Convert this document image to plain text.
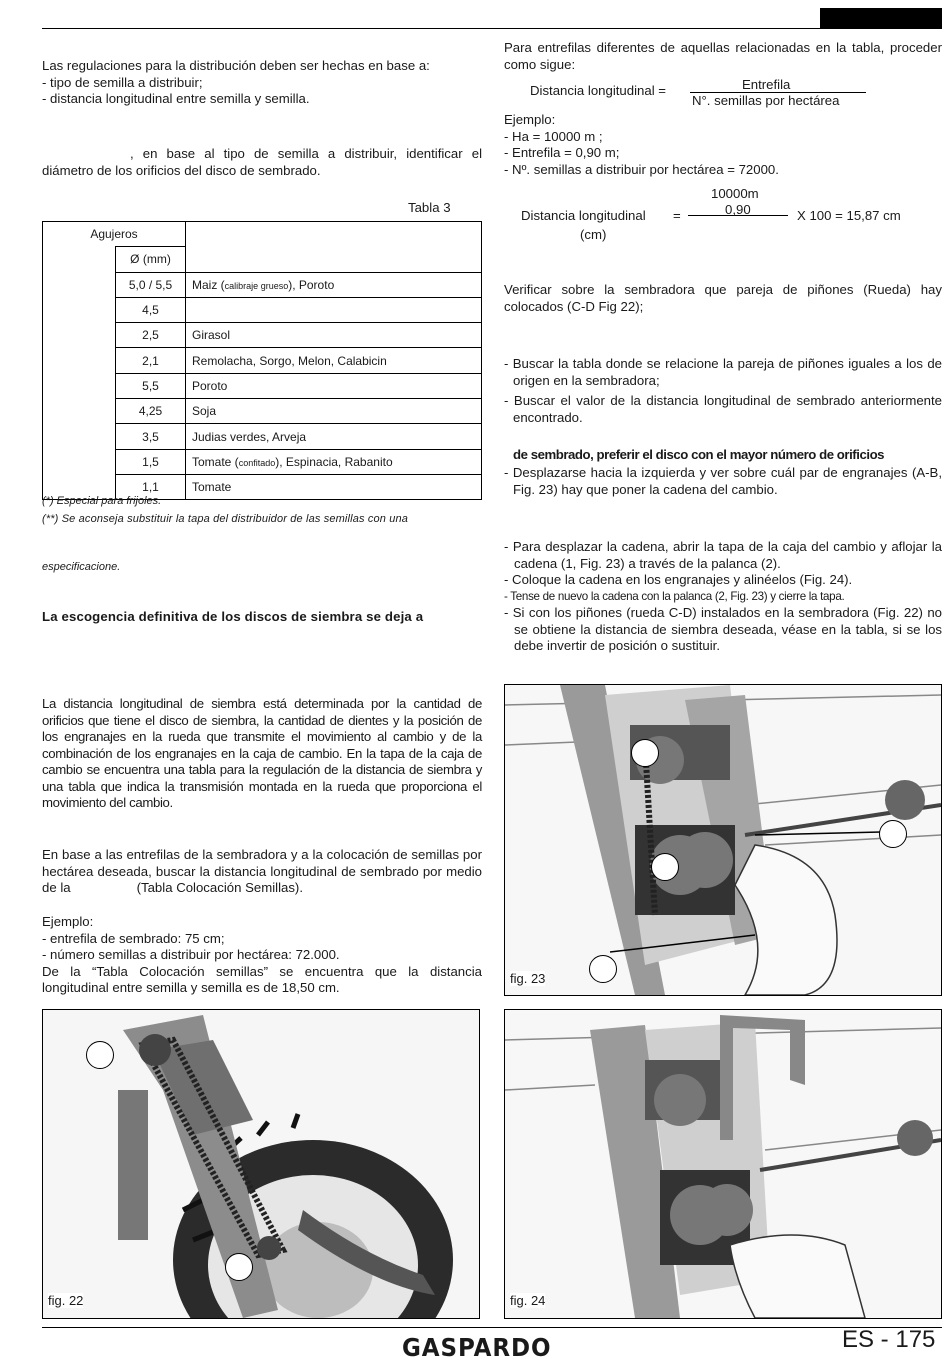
Las regulaciones para la distribución deben ser hechas en base a:

- tipo de semilla a distribuir;

- distancia longitudinal entre semilla y semilla.

, en base al tipo de semilla a distribuir, identificar el diámetro de los orificios del disco de sembrado.

Tabla 3
Agujeros		
	Ø (mm)	
	5,0 / 5,5	Maiz (calibraje grueso), Poroto
	4,5	
	2,5	Girasol
	2,1	Remolacha, Sorgo, Melon, Calabicin
	5,5	Poroto
	4,25	Soja
	3,5	Judias verdes, Arveja
	1,5	Tomate (confitado), Espinacia, Rabanito
	1,1	Tomate
(*) Especial para frijoles.
(**) Se aconseja substituir la tapa del distribuidor de las semillas con una
especificacione.
La escogencia definitiva de los discos de siembra se deja a

La distancia longitudinal de siembra está determinada por la cantidad de orificios que tiene el disco de siembra, la cantidad de dientes y la posición de los engranajes en la rueda que transmite el movimiento al cambio y de la combinación de los engranajes en la caja de cambio. En la tapa de la caja de cambio se encuentra una tabla para la regulación de la distancia de siembra y una tabla que indica la transmisión montada en la rueda que proporciona el movimiento del cambio.

En base a las entrefilas de la sembradora y a la colocación de semillas por hectárea deseada, buscar la distancia longitudinal de sembrado por medio de la	(Tabla Colocación Semillas).

Ejemplo:

- entrefila de sembrado: 75 cm;

- número semillas a distribuir por hectárea: 72.000.

De la “Tabla Colocación semillas” se encuentra que la distancia longitudinal entre semilla y semilla es de 18,50 cm.

fig. 22

Para entrefilas diferentes de aquellas relacionadas en la tabla, proceder como sigue:

Distancia longitudinal =	Entrefila
N°. semillas por hectárea

Ejemplo:

- Ha = 10000 m ;

- Entrefila = 0,90 m;

- Nº. semillas a distribuir por hectárea = 72000.

10000m
0,90
Distancia longitudinal =	X 100 = 15,87 cm
(cm)

Verificar sobre la sembradora que pareja de piñones (Rueda) hay colocados (C-D Fig 22);

- Buscar la tabla donde se relacione la pareja de piñones iguales a los de origen en la sembradora;

- Buscar el valor de la distancia longitudinal de sembrado anteriormente encontrado.

de sembrado, preferir el disco con el mayor número de orificios

- Desplazarse hacia la izquierda y ver sobre cuál par de engranajes (A-B, Fig. 23) hay que poner la cadena del cambio.

- Para desplazar la cadena, abrir la tapa de la caja del cambio y aflojar la cadena (1, Fig. 23) a través de la palanca (2).

- Coloque la cadena en los engranajes y alinéelos (Fig. 24).

- Tense de nuevo la cadena con la palanca (2, Fig. 23) y cierre la tapa.

- Si con los piñones (rueda C-D) instalados en la sembradora (Fig. 22) no se obtiene la distancia de siembra deseada, véase en la tabla, si se los debe invertir de posición o sustituir.

fig. 23
fig. 24
GASPARDO	ES - 175
